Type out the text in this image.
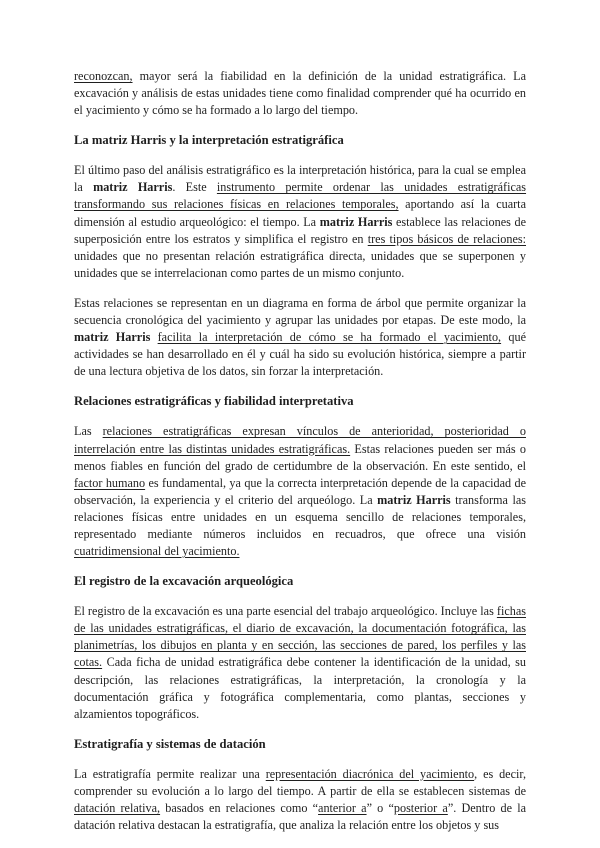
reconozcan, mayor será la fiabilidad en la definición de la unidad estratigráfica. La excavación y análisis de estas unidades tiene como finalidad comprender qué ha ocurrido en el yacimiento y cómo se ha formado a lo largo del tiempo.

La matriz Harris y la interpretación estratigráfica

El último paso del análisis estratigráfico es la interpretación histórica, para la cual se emplea la matriz Harris. Este instrumento permite ordenar las unidades estratigráficas transformando sus relaciones físicas en relaciones temporales, aportando así la cuarta dimensión al estudio arqueológico: el tiempo. La matriz Harris establece las relaciones de superposición entre los estratos y simplifica el registro en tres tipos básicos de relaciones: unidades que no presentan relación estratigráfica directa, unidades que se superponen y unidades que se interrelacionan como partes de un mismo conjunto.

Estas relaciones se representan en un diagrama en forma de árbol que permite organizar la secuencia cronológica del yacimiento y agrupar las unidades por etapas. De este modo, la matriz Harris facilita la interpretación de cómo se ha formado el yacimiento, qué actividades se han desarrollado en él y cuál ha sido su evolución histórica, siempre a partir de una lectura objetiva de los datos, sin forzar la interpretación.

Relaciones estratigráficas y fiabilidad interpretativa

Las relaciones estratigráficas expresan vínculos de anterioridad, posterioridad o interrelación entre las distintas unidades estratigráficas. Estas relaciones pueden ser más o menos fiables en función del grado de certidumbre de la observación. En este sentido, el factor humano es fundamental, ya que la correcta interpretación depende de la capacidad de observación, la experiencia y el criterio del arqueólogo. La matriz Harris transforma las relaciones físicas entre unidades en un esquema sencillo de relaciones temporales, representado mediante números incluidos en recuadros, que ofrece una visión cuatridimensional del yacimiento.

El registro de la excavación arqueológica

El registro de la excavación es una parte esencial del trabajo arqueológico. Incluye las fichas de las unidades estratigráficas, el diario de excavación, la documentación fotográfica, las planimetrías, los dibujos en planta y en sección, las secciones de pared, los perfiles y las cotas. Cada ficha de unidad estratigráfica debe contener la identificación de la unidad, su descripción, las relaciones estratigráficas, la interpretación, la cronología y la documentación gráfica y fotográfica complementaria, como plantas, secciones y alzamientos topográficos.

Estratigrafía y sistemas de datación

La estratigrafía permite realizar una representación diacrónica del yacimiento, es decir, comprender su evolución a lo largo del tiempo. A partir de ella se establecen sistemas de datación relativa, basados en relaciones como “anterior a” o “posterior a”. Dentro de la datación relativa destacan la estratigrafía, que analiza la relación entre los objetos y sus
